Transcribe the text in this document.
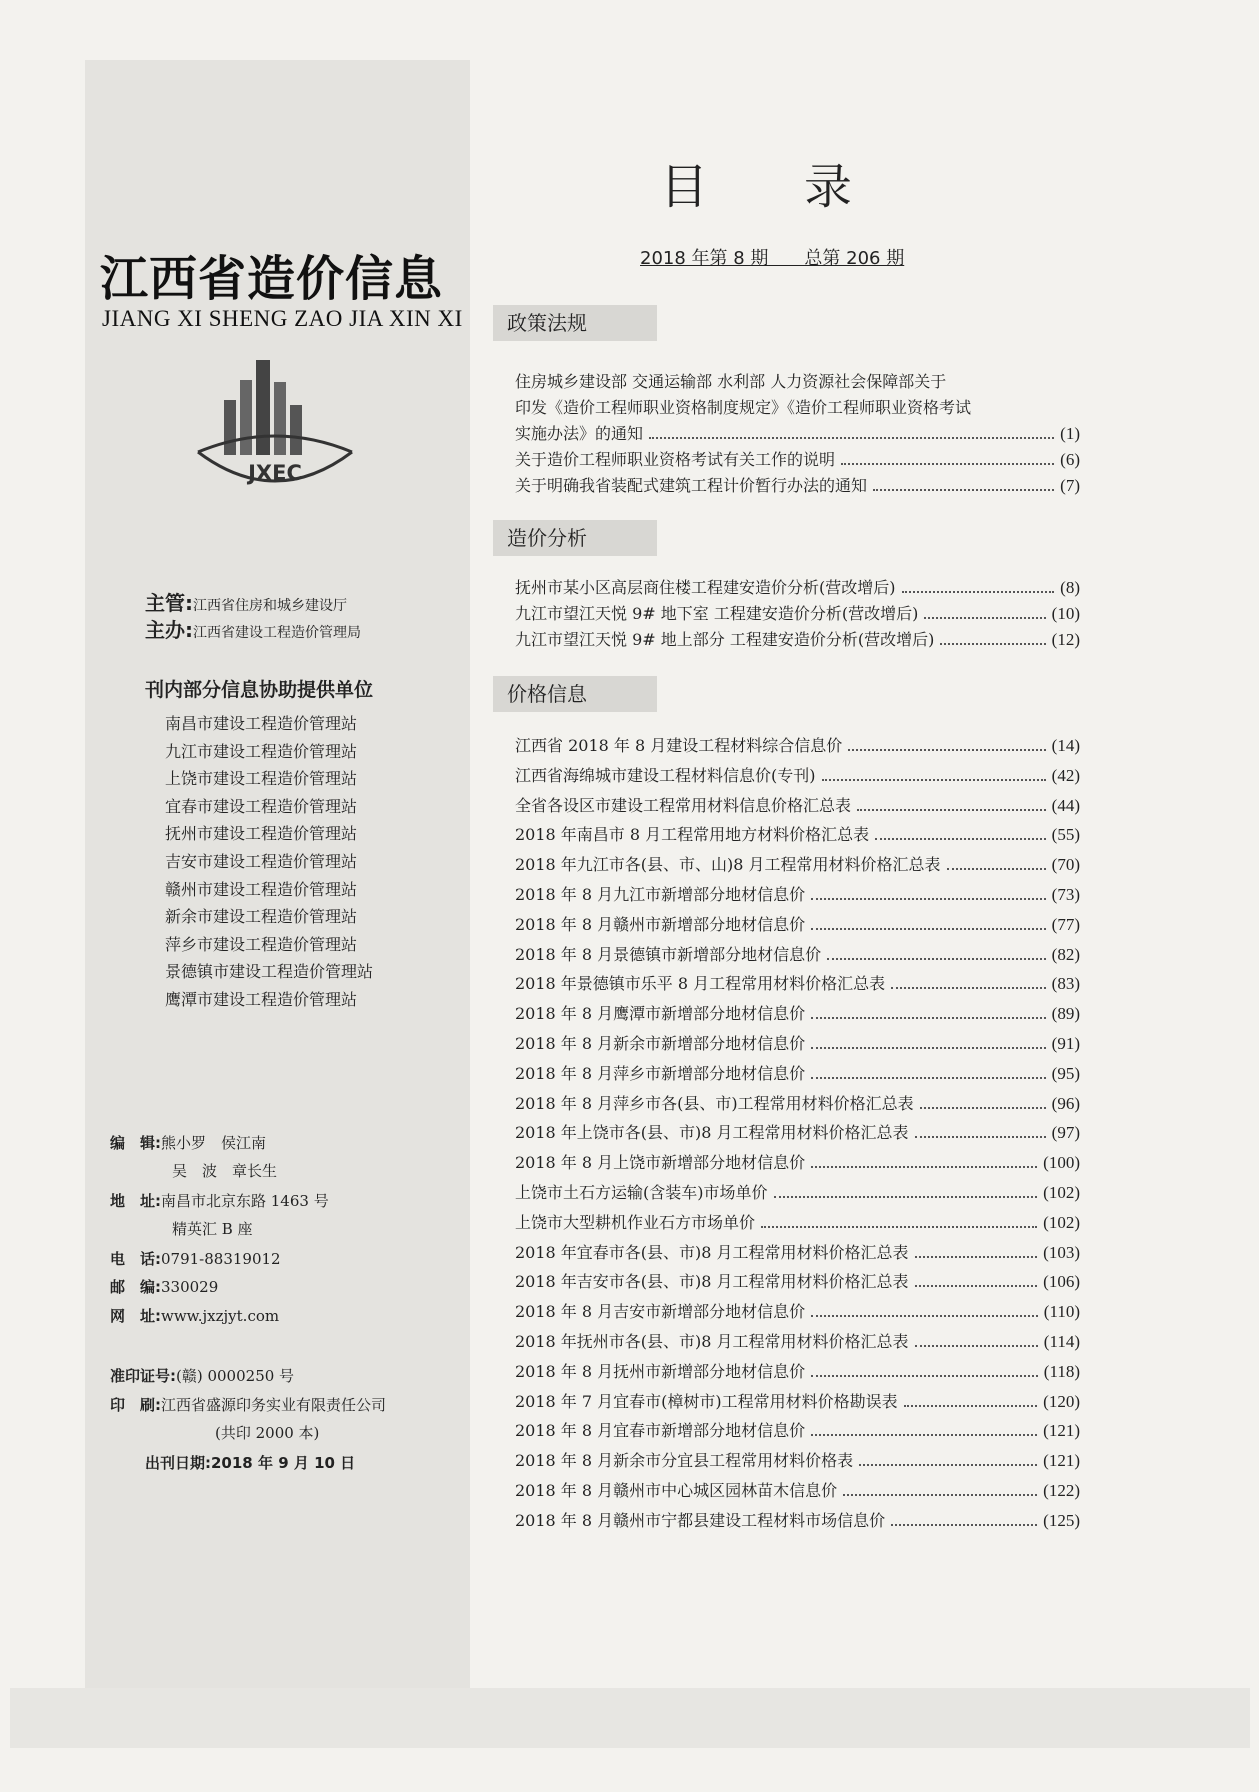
江西省造价信息
JIANG XI SHENG ZAO JIA XIN XI
JXEC
主管:江西省住房和城乡建设厅
主办:江西省建设工程造价管理局
刊内部分信息协助提供单位
南昌市建设工程造价管理站
九江市建设工程造价管理站
上饶市建设工程造价管理站
宜春市建设工程造价管理站
抚州市建设工程造价管理站
吉安市建设工程造价管理站
赣州市建设工程造价管理站
新余市建设工程造价管理站
萍乡市建设工程造价管理站
景德镇市建设工程造价管理站
鹰潭市建设工程造价管理站
编　辑:熊小罗　侯江南
吴　波　章长生
地　址:南昌市北京东路 1463 号
精英汇 B 座
电　话:0791-88319012
邮　编:330029
网　址:www.jxzjyt.com
准印证号:(赣) 0000250 号
印　刷:江西省盛源印务实业有限责任公司
(共印 2000 本)
出刊日期:2018 年 9 月 10 日
目　　录
2018 年第 8 期　　总第 206 期
政策法规
住房城乡建设部 交通运输部 水利部 人力资源社会保障部关于
印发《造价工程师职业资格制度规定》《造价工程师职业资格考试
实施办法》的通知	(1)
关于造价工程师职业资格考试有关工作的说明	(6)
关于明确我省装配式建筑工程计价暂行办法的通知	(7)
造价分析
抚州市某小区高层商住楼工程建安造价分析(营改增后)	(8)
九江市望江天悦 9# 地下室 工程建安造价分析(营改增后)	(10)
九江市望江天悦 9# 地上部分 工程建安造价分析(营改增后)	(12)
价格信息
江西省 2018 年 8 月建设工程材料综合信息价	(14)
江西省海绵城市建设工程材料信息价(专刊)	(42)
全省各设区市建设工程常用材料信息价格汇总表	(44)
2018 年南昌市 8 月工程常用地方材料价格汇总表	(55)
2018 年九江市各(县、市、山)8 月工程常用材料价格汇总表	(70)
2018 年 8 月九江市新增部分地材信息价	(73)
2018 年 8 月赣州市新增部分地材信息价	(77)
2018 年 8 月景德镇市新增部分地材信息价	(82)
2018 年景德镇市乐平 8 月工程常用材料价格汇总表	(83)
2018 年 8 月鹰潭市新增部分地材信息价	(89)
2018 年 8 月新余市新增部分地材信息价	(91)
2018 年 8 月萍乡市新增部分地材信息价	(95)
2018 年 8 月萍乡市各(县、市)工程常用材料价格汇总表	(96)
2018 年上饶市各(县、市)8 月工程常用材料价格汇总表	(97)
2018 年 8 月上饶市新增部分地材信息价	(100)
上饶市土石方运输(含装车)市场单价	(102)
上饶市大型耕机作业石方市场单价	(102)
2018 年宜春市各(县、市)8 月工程常用材料价格汇总表	(103)
2018 年吉安市各(县、市)8 月工程常用材料价格汇总表	(106)
2018 年 8 月吉安市新增部分地材信息价	(110)
2018 年抚州市各(县、市)8 月工程常用材料价格汇总表	(114)
2018 年 8 月抚州市新增部分地材信息价	(118)
2018 年 7 月宜春市(樟树市)工程常用材料价格勘误表	(120)
2018 年 8 月宜春市新增部分地材信息价	(121)
2018 年 8 月新余市分宜县工程常用材料价格表	(121)
2018 年 8 月赣州市中心城区园林苗木信息价	(122)
2018 年 8 月赣州市宁都县建设工程材料市场信息价	(125)
